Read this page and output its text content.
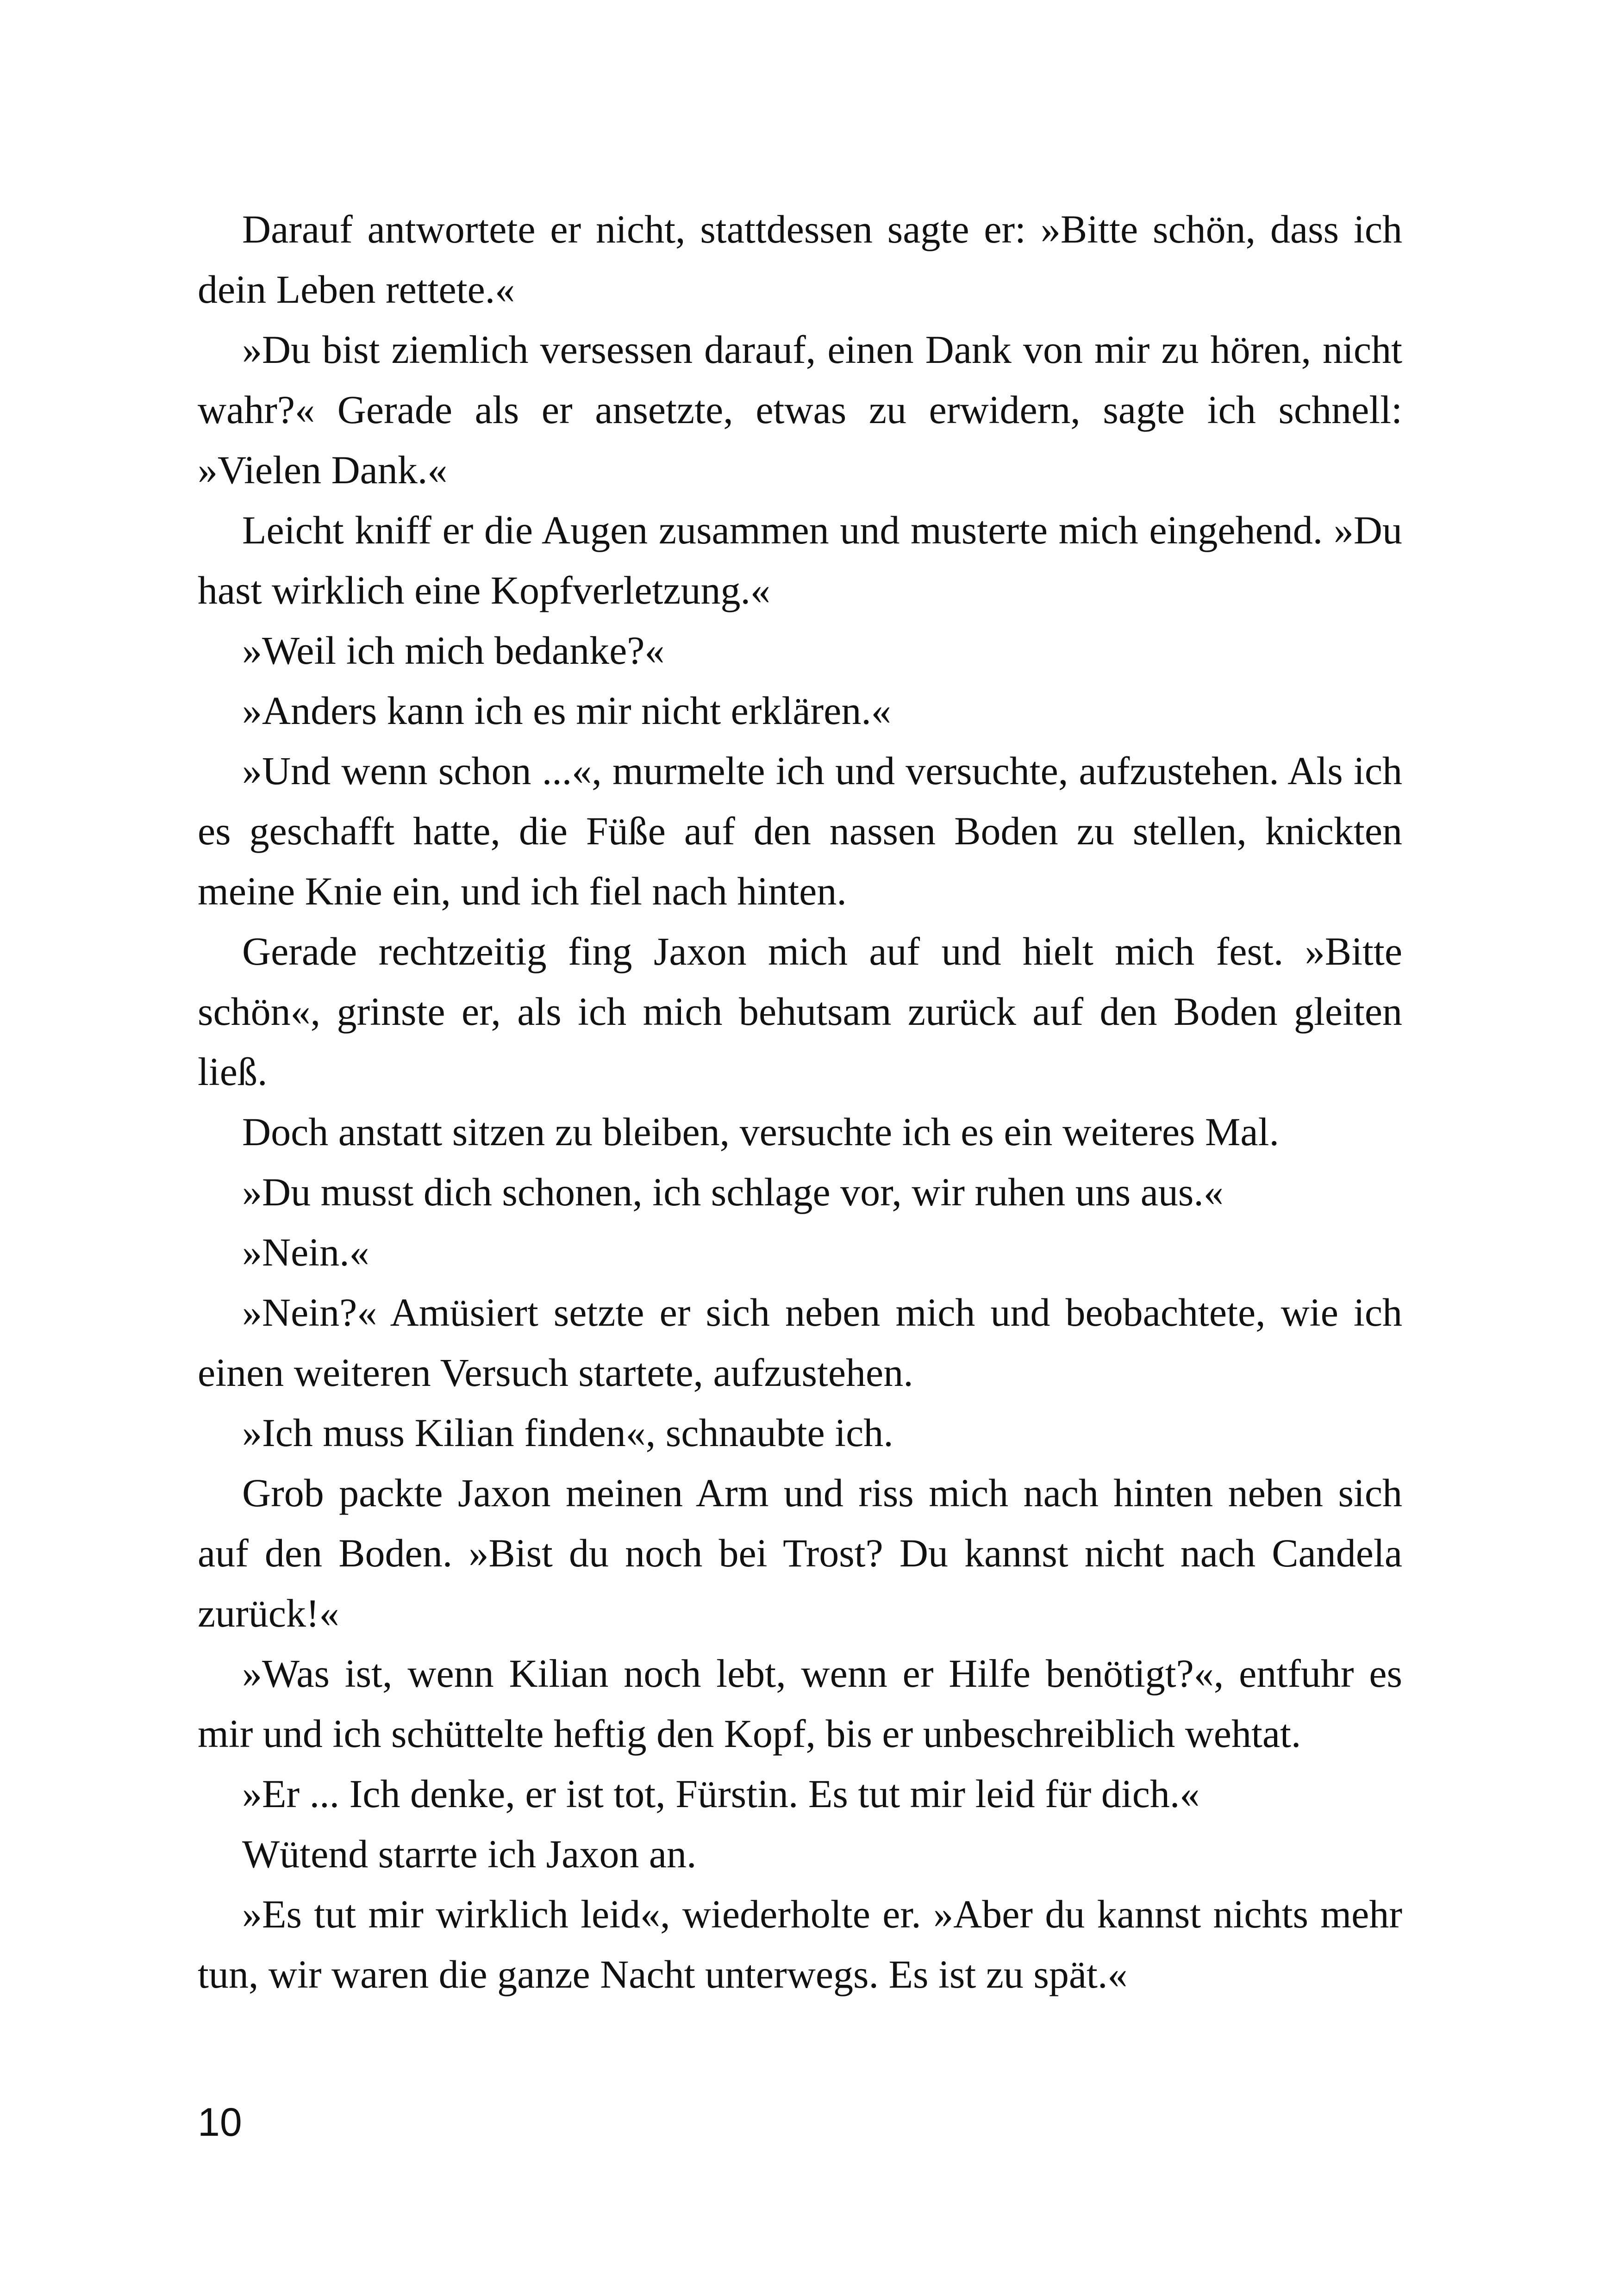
Darauf antwortete er nicht, stattdessen sagte er: »Bitte schön, dass ich dein Leben rettete.«

»Du bist ziemlich versessen darauf, einen Dank von mir zu hören, nicht wahr?« Gerade als er ansetzte, etwas zu erwidern, sagte ich schnell: »Vielen Dank.«

Leicht kniff er die Augen zusammen und musterte mich eingehend. »Du hast wirklich eine Kopfverletzung.«

»Weil ich mich bedanke?«

»Anders kann ich es mir nicht erklären.«

»Und wenn schon ...«, murmelte ich und versuchte, aufzustehen. Als ich es geschafft hatte, die Füße auf den nassen Boden zu stellen, knickten meine Knie ein, und ich fiel nach hinten.

Gerade rechtzeitig fing Jaxon mich auf und hielt mich fest. »Bitte schön«, grinste er, als ich mich behutsam zurück auf den Boden gleiten ließ.

Doch anstatt sitzen zu bleiben, versuchte ich es ein weiteres Mal.

»Du musst dich schonen, ich schlage vor, wir ruhen uns aus.«

»Nein.«

»Nein?« Amüsiert setzte er sich neben mich und beobachtete, wie ich einen weiteren Versuch startete, aufzustehen.

»Ich muss Kilian finden«, schnaubte ich.

Grob packte Jaxon meinen Arm und riss mich nach hinten neben sich auf den Boden. »Bist du noch bei Trost? Du kannst nicht nach Candela zurück!«

»Was ist, wenn Kilian noch lebt, wenn er Hilfe benötigt?«, entfuhr es mir und ich schüttelte heftig den Kopf, bis er unbeschreiblich wehtat.

»Er ... Ich denke, er ist tot, Fürstin. Es tut mir leid für dich.«

Wütend starrte ich Jaxon an.

»Es tut mir wirklich leid«, wiederholte er. »Aber du kannst nichts mehr tun, wir waren die ganze Nacht unterwegs. Es ist zu spät.«

10
